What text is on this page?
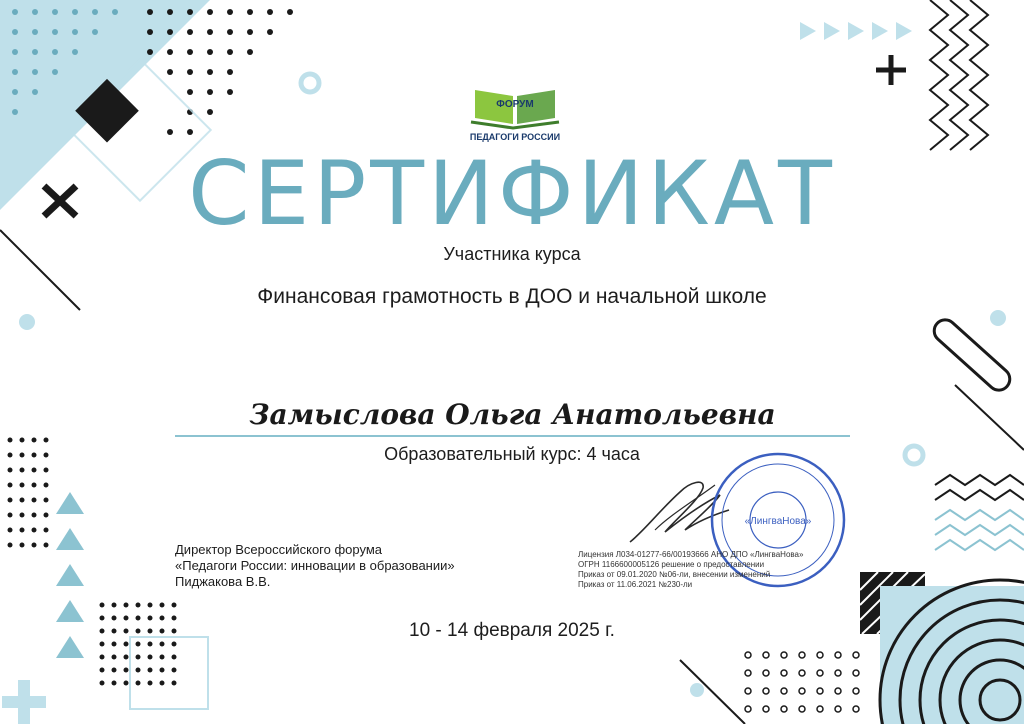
ФОРУМ
ПЕДАГОГИ РОССИИ
СЕРТИФИКАТ
Участника курса
Финансовая грамотность в ДОО и начальной школе
Замыслова Ольга Анатольевна
Образовательный курс: 4 часа
Директор Всероссийского форума
«Педагоги России: инновации в образовании»
Пиджакова В.В.
«ЛингваНова»
Лицензия Л034-01277-66/00193666 АНО ДПО «ЛингваНова»
ОГРН 1166600005126 решение о предоставлении
Приказ от 09.01.2020 №06-ли, внесении изменений
Приказ от 11.06.2021 №230-ли
10 - 14 февраля 2025 г.
